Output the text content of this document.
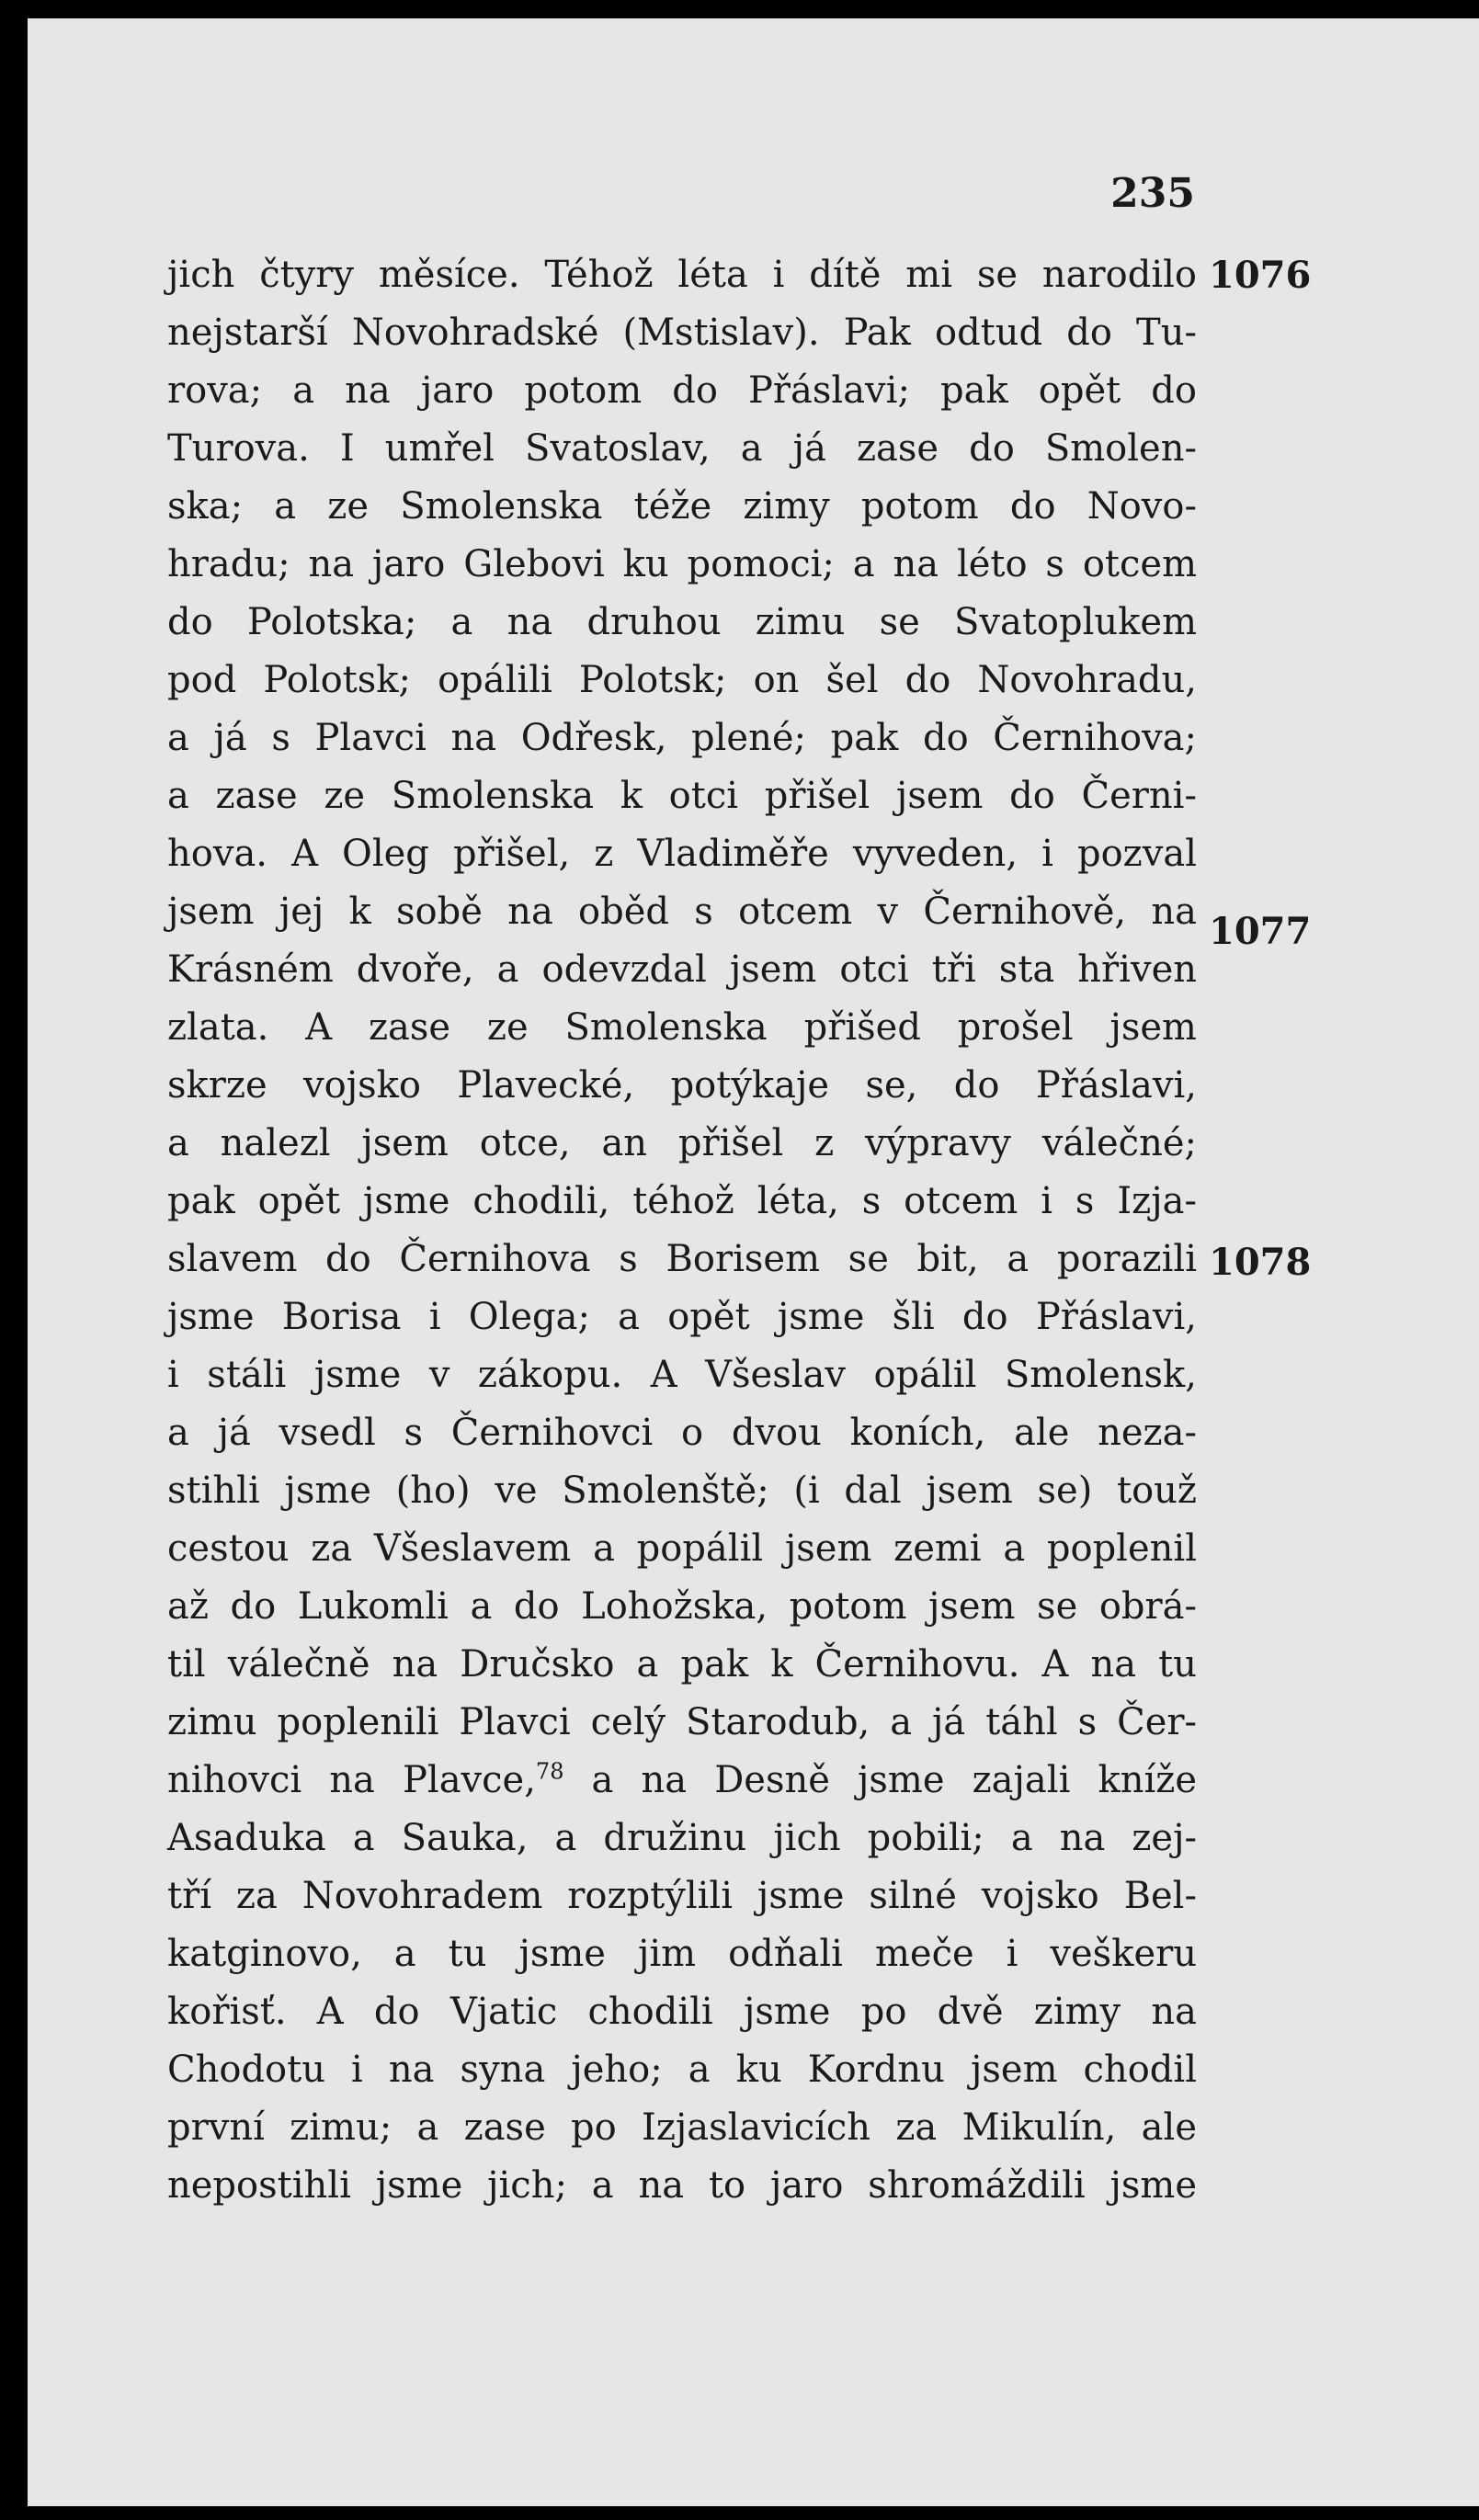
235
jich čtyry měsíce. Téhož léta i dítě mi se narodilo
nejstarší Novohradské (Mstislav). Pak odtud do Tu-
rova; a na jaro potom do Přáslavi; pak opět do
Turova. I umřel Svatoslav, a já zase do Smolen-
ska; a ze Smolenska téže zimy potom do Novo-
hradu; na jaro Glebovi ku pomoci; a na léto s otcem
do Polotska; a na druhou zimu se Svatoplukem
pod Polotsk; opálili Polotsk; on šel do Novohradu,
a já s Plavci na Odřesk, plené; pak do Černihova;
a zase ze Smolenska k otci přišel jsem do Černi-
hova. A Oleg přišel, z Vladiměře vyveden, i pozval
jsem jej k sobě na oběd s otcem v Černihově, na
Krásném dvoře, a odevzdal jsem otci tři sta hřiven
zlata. A zase ze Smolenska přišed prošel jsem
skrze vojsko Plavecké, potýkaje se, do Přáslavi,
a nalezl jsem otce, an přišel z výpravy válečné;
pak opět jsme chodili, téhož léta, s otcem i s Izja-
slavem do Černihova s Borisem se bit, a porazili
jsme Borisa i Olega; a opět jsme šli do Přáslavi,
i stáli jsme v zákopu. A Všeslav opálil Smolensk,
a já vsedl s Černihovci o dvou koních, ale neza-
stihli jsme (ho) ve Smolenště; (i dal jsem se) touž
cestou za Všeslavem a popálil jsem zemi a poplenil
až do Lukomli a do Lohožska, potom jsem se obrá-
til válečně na Dručsko a pak k Černihovu. A na tu
zimu poplenili Plavci celý Starodub, a já táhl s Čer-
nihovci na Plavce,$^{78}$ a na Desně jsme zajali kníže
Asaduka a Sauka, a družinu jich pobili; a na zej-
tří za Novohradem rozptýlili jsme silné vojsko Bel-
katginovo, a tu jsme jim odňali meče i veškeru
kořisť. A do Vjatic chodili jsme po dvě zimy na
Chodotu i na syna jeho; a ku Kordnu jsem chodil
první zimu; a zase po Izjaslavicích za Mikulín, ale
nepostihli jsme jich; a na to jaro shromáždili jsme
1076
1077
1078
